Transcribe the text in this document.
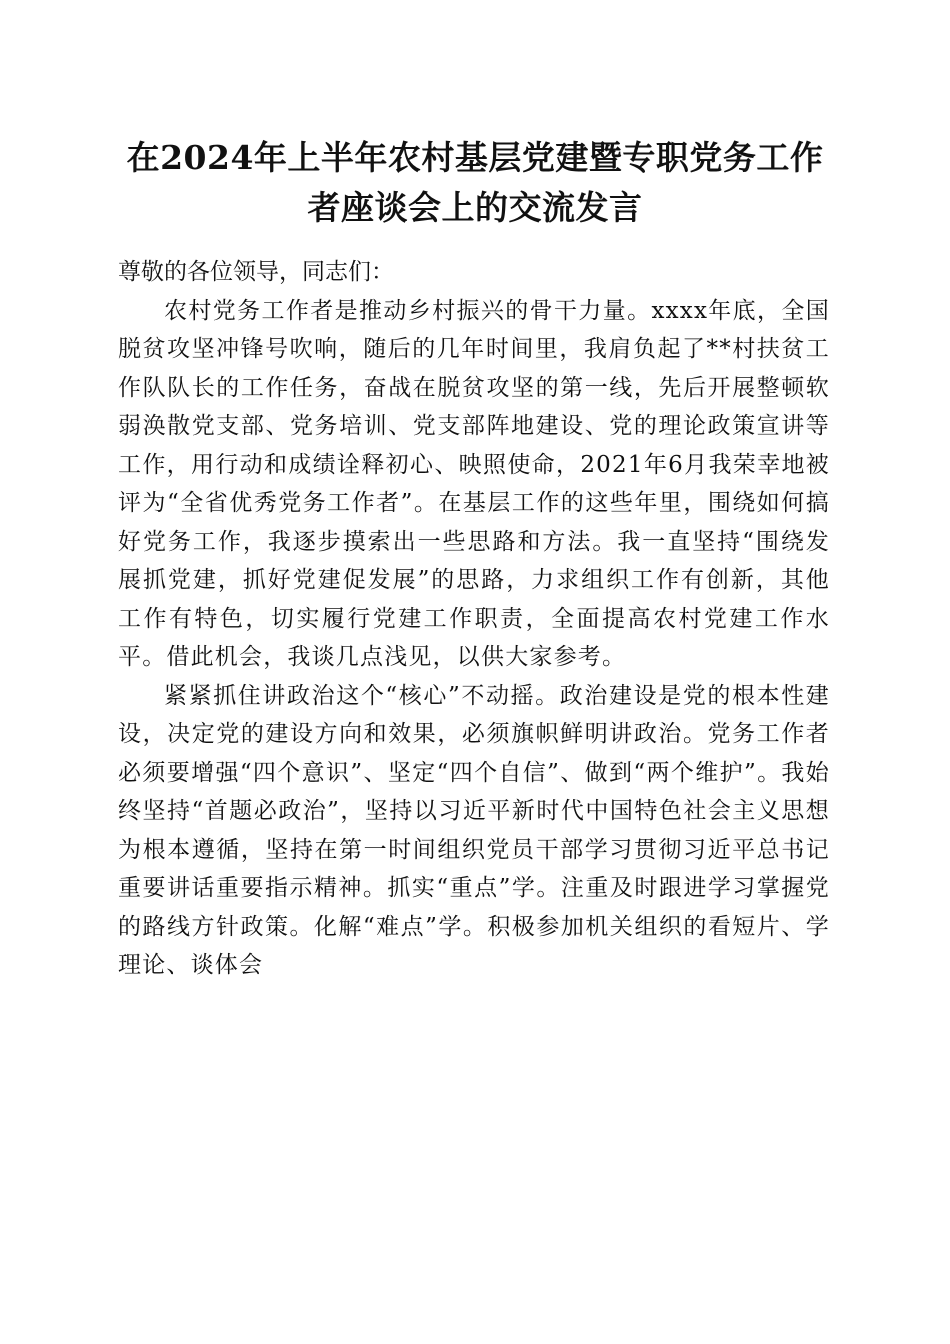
在2024年上半年农村基层党建暨专职党务工作者座谈会上的交流发言

尊敬的各位领导，同志们：

农村党务工作者是推动乡村振兴的骨干力量。xxxx年底，全国脱贫攻坚冲锋号吹响，随后的几年时间里，我肩负起了**村扶贫工作队队长的工作任务，奋战在脱贫攻坚的第一线，先后开展整顿软弱涣散党支部、党务培训、党支部阵地建设、党的理论政策宣讲等工作，用行动和成绩诠释初心、映照使命，2021年6月我荣幸地被评为“全省优秀党务工作者”。在基层工作的这些年里，围绕如何搞好党务工作，我逐步摸索出一些思路和方法。我一直坚持“围绕发展抓党建，抓好党建促发展”的思路，力求组织工作有创新，其他工作有特色，切实履行党建工作职责，全面提高农村党建工作水平。借此机会，我谈几点浅见，以供大家参考。

紧紧抓住讲政治这个“核心”不动摇。政治建设是党的根本性建设，决定党的建设方向和效果，必须旗帜鲜明讲政治。党务工作者必须要增强“四个意识”、坚定“四个自信”、做到“两个维护”。我始终坚持“首题必政治”，坚持以习近平新时代中国特色社会主义思想为根本遵循，坚持在第一时间组织党员干部学习贯彻习近平总书记重要讲话重要指示精神。抓实“重点”学。注重及时跟进学习掌握党的路线方针政策。化解“难点”学。积极参加机关组织的看短片、学理论、谈体会
